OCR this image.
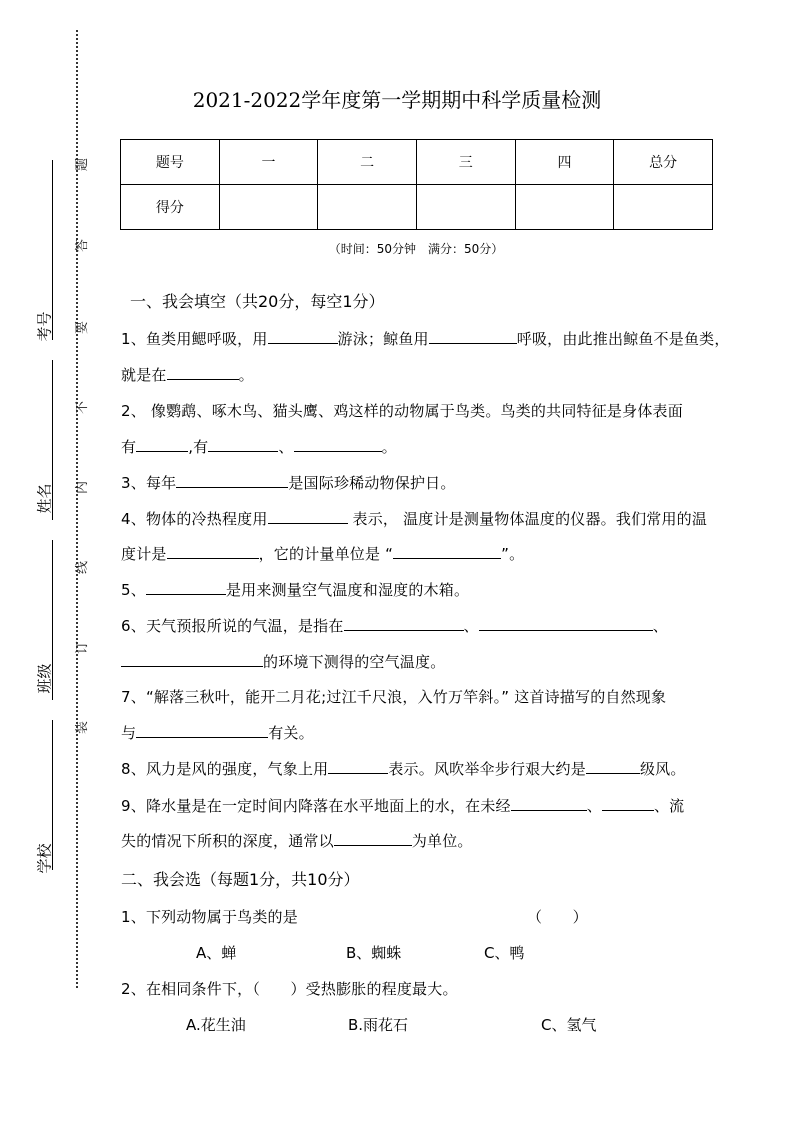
考号
姓名
班级
学校
题
答
要
不
内
线
订
装
2021-2022学年度第一学期期中科学质量检测
题号	一	二	三	四	总分
得分					
（时间：50分钟　满分：50分）
一、我会填空（共20分，每空1分）
1、鱼类用鳃呼吸，用	游泳；鲸鱼用	呼吸，由此推出鲸鱼不是鱼类，
就是在	。
2、 像鹦鹉、啄木鸟、猫头鹰、鸡这样的动物属于鸟类。鸟类的共同特征是身体表面
有	,有	、	。
3、每年	是国际珍稀动物保护日。
4、物体的冷热程度用	表示， 温度计是测量物体温度的仪器。我们常用的温
度计是	，它的计量单位是 “	”。
5、	是用来测量空气温度和湿度的木箱。
6、天气预报所说的气温，是指在	、	、
的环境下测得的空气温度。
7、“解落三秋叶，能开二月花;过江千尺浪，入竹万竿斜。” 这首诗描写的自然现象
与	有关。
8、风力是风的强度，气象上用	表示。风吹举伞步行艰大约是	级风。
9、降水量是在一定时间内降落在水平地面上的水，在未经	、	、流
失的情况下所积的深度，通常以	为单位。
二、我会选（每题1分，共10分）
1、下列动物属于鸟类的是	（　　）
A、蝉	B、蜘蛛	C、鸭
2、在相同条件下，（　　）受热膨胀的程度最大。
A.花生油	B.雨花石	C、氢气
